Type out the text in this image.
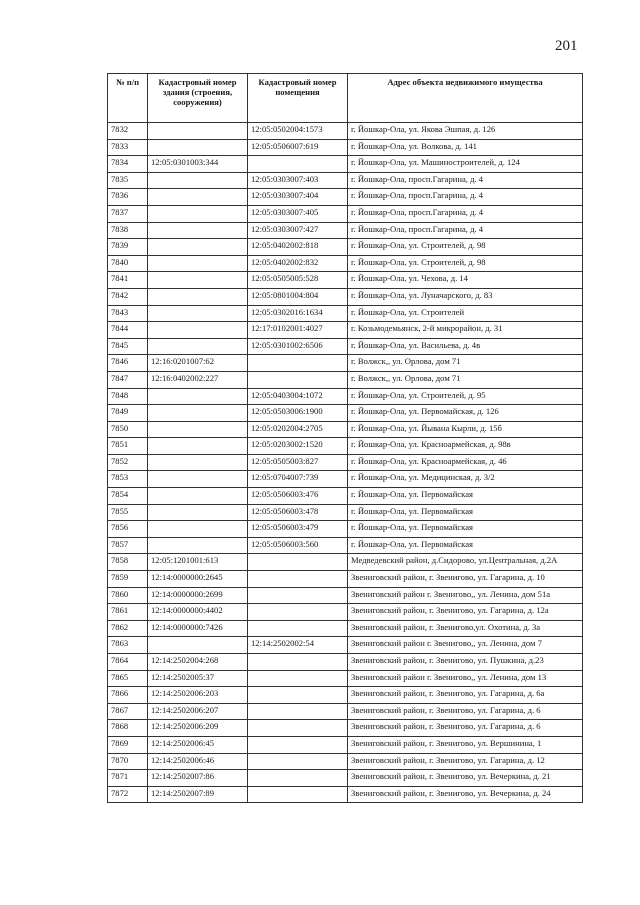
201
№ п/п	Кадастровый номер здания (строения, сооружения)	Кадастровый номер помещения	Адрес объекта недвижимого имущества
7832		12:05:0502004:1573	г. Йошкар-Ола, ул. Якова Эшпая, д. 126
7833		12:05:0506007:619	г. Йошкар-Ола, ул. Волкова, д. 141
7834	12:05:0301003:344		г. Йошкар-Ола, ул. Машиностроителей, д. 124
7835		12:05:0303007:403	г. Йошкар-Ола, просп.Гагарина, д. 4
7836		12:05:0303007:404	г. Йошкар-Ола, просп.Гагарина, д. 4
7837		12:05:0303007:405	г. Йошкар-Ола, просп.Гагарина, д. 4
7838		12:05:0303007:427	г. Йошкар-Ола, просп.Гагарина, д. 4
7839		12:05:0402002:818	г. Йошкар-Ола, ул. Строителей, д. 98
7840		12:05:0402002:832	г. Йошкар-Ола, ул. Строителей, д. 98
7841		12:05:0505005:528	г. Йошкар-Ола, ул. Чехова, д. 14
7842		12:05:0801004:804	г. Йошкар-Ола, ул. Луначарского, д. 83
7843		12:05:0302016:1634	г. Йошкар-Ола, ул. Строителей
7844		12:17:0102001:4027	г. Козьмодемьянск, 2-й микрорайон, д. 31
7845		12:05:0301002:6506	г. Йошкар-Ола, ул. Васильева, д. 4в
7846	12:16:0201007:62		г. Волжск,, ул. Орлова, дом 71
7847	12:16:0402002:227		г. Волжск,, ул. Орлова, дом 71
7848		12:05:0403004:1072	г. Йошкар-Ола, ул. Строителей, д. 95
7849		12:05:0503006:1900	г. Йошкар-Ола, ул. Первомайская, д. 126
7850		12:05:0202004:2705	г. Йошкар-Ола, ул. Йывана Кырли, д. 15б
7851		12:05:0203002:1520	г. Йошкар-Ола, ул. Красноармейская, д. 98в
7852		12:05:0505003:827	г. Йошкар-Ола, ул. Красноармейская, д. 46
7853		12:05:0704007:739	г. Йошкар-Ола, ул. Медицинская, д. 3/2
7854		12:05:0506003:476	г. Йошкар-Ола, ул. Первомайская
7855		12:05:0506003:478	г. Йошкар-Ола, ул. Первомайская
7856		12:05:0506003:479	г. Йошкар-Ола, ул. Первомайская
7857		12:05:0506003:560	г. Йошкар-Ола, ул. Первомайская
7858	12:05:1201001:613		Медведевский район, д.Сидорово, ул.Центральная, д.2А
7859	12:14:0000000:2645		Звениговский район, г. Звенигово, ул. Гагарина, д. 10
7860	12:14:0000000:2699		Звениговский район г. Звенигово,, ул. Ленина, дом 51а
7861	12:14:0000000:4402		Звениговский район, г. Звенигово, ул. Гагарина, д. 12а
7862	12:14:0000000:7426		Звениговский район, г. Звенигово,ул. Охотина, д. 3а
7863		12:14:2502002:54	Звениговский район г. Звенигово,, ул. Ленина, дом 7
7864	12:14:2502004:268		Звениговский район, г. Звенигово, ул. Пушкина, д.23
7865	12:14:2502005:37		Звениговский район г. Звенигово,, ул. Ленина, дом 13
7866	12:14:2502006:203		Звениговский район, г. Звенигово, ул. Гагарина, д. 6а
7867	12:14:2502006:207		Звениговский район, г. Звенигово, ул. Гагарина, д. 6
7868	12:14:2502006:209		Звениговский район, г. Звенигово, ул. Гагарина, д. 6
7869	12:14:2502006:45		Звениговский район, г. Звенигово, ул. Вершинина, 1
7870	12:14:2502006:46		Звениговский район, г. Звенигово, ул. Гагарина, д. 12
7871	12:14:2502007:86		Звениговский район, г. Звенигово, ул. Вечеркина, д. 21
7872	12:14:2502007:89		Звениговский район, г. Звенигово, ул. Вечеркина, д. 24
